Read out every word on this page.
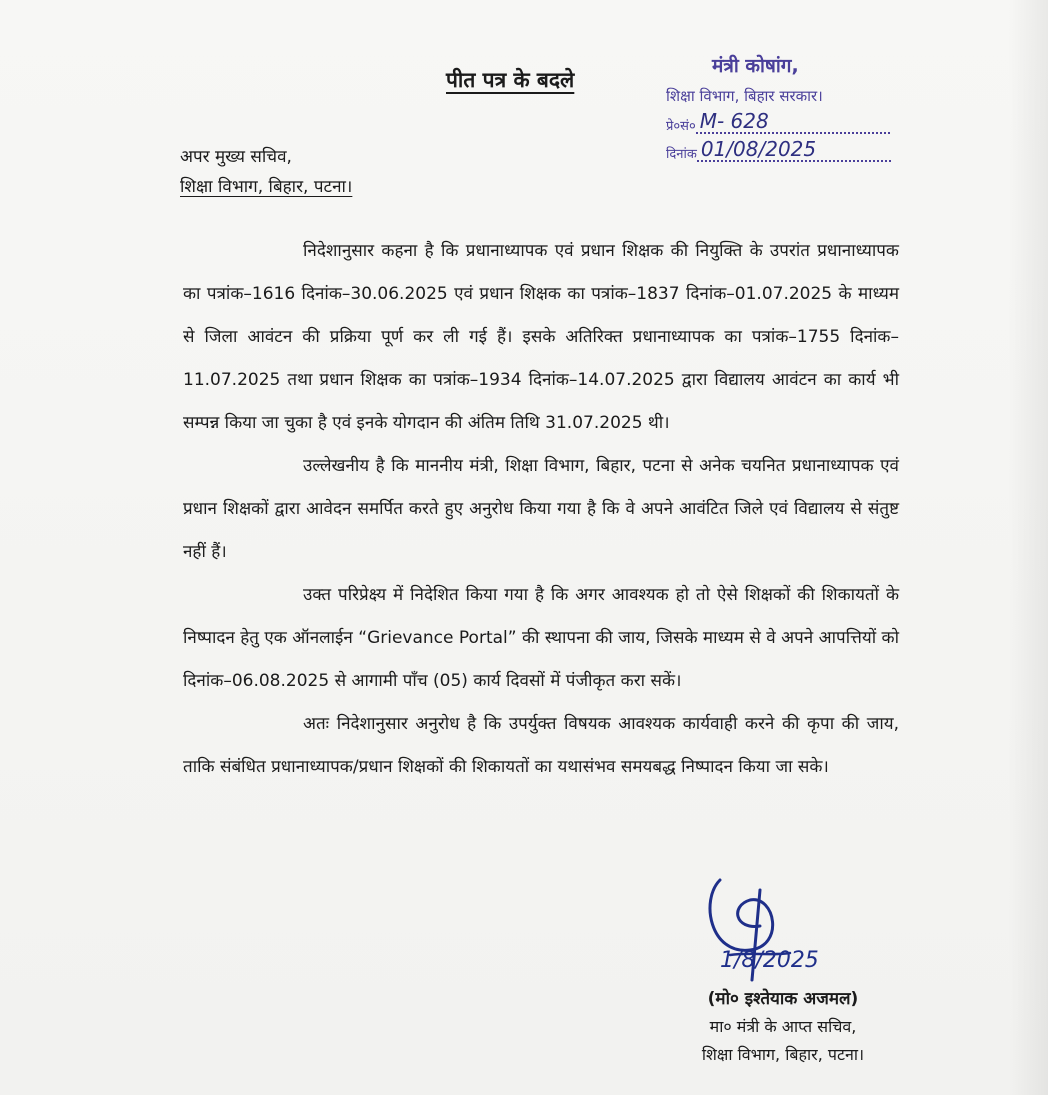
पीत पत्र के बदले
मंत्री कोषांग,
शिक्षा विभाग, बिहार सरकार।
प्रे०सं० M- 628
दिनांक 01/08/2025
अपर मुख्य सचिव,
शिक्षा विभाग, बिहार, पटना।

निदेशानुसार कहना है कि प्रधानाध्यापक एवं प्रधान शिक्षक की नियुक्ति के उपरांत प्रधानाध्यापक का पत्रांक–1616 दिनांक–30.06.2025 एवं प्रधान शिक्षक का पत्रांक–1837 दिनांक–01.07.2025 के माध्यम से जिला आवंटन की प्रक्रिया पूर्ण कर ली गई हैं। इसके अतिरिक्त प्रधानाध्यापक का पत्रांक–1755 दिनांक–11.07.2025 तथा प्रधान शिक्षक का पत्रांक–1934 दिनांक–14.07.2025 द्वारा विद्यालय आवंटन का कार्य भी सम्पन्न किया जा चुका है एवं इनके योगदान की अंतिम तिथि 31.07.2025 थी।

उल्लेखनीय है कि माननीय मंत्री, शिक्षा विभाग, बिहार, पटना से अनेक चयनित प्रधानाध्यापक एवं प्रधान शिक्षकों द्वारा आवेदन समर्पित करते हुए अनुरोध किया गया है कि वे अपने आवंटित जिले एवं विद्यालय से संतुष्ट नहीं हैं।

उक्त परिप्रेक्ष्य में निदेशित किया गया है कि अगर आवश्यक हो तो ऐसे शिक्षकों की शिकायतों के निष्पादन हेतु एक ऑनलाईन “Grievance Portal” की स्थापना की जाय, जिसके माध्यम से वे अपने आपत्तियों को दिनांक–06.08.2025 से आगामी पाँच (05) कार्य दिवसों में पंजीकृत करा सकें।

अतः निदेशानुसार अनुरोध है कि उपर्युक्त विषयक आवश्यक कार्यवाही करने की कृपा की जाय, ताकि संबंधित प्रधानाध्यापक/प्रधान शिक्षकों की शिकायतों का यथासंभव समयबद्ध निष्पादन किया जा सके।

1/8/2025
(मो० इश्तेयाक अजमल)
मा० मंत्री के आप्त सचिव,
शिक्षा विभाग, बिहार, पटना।
